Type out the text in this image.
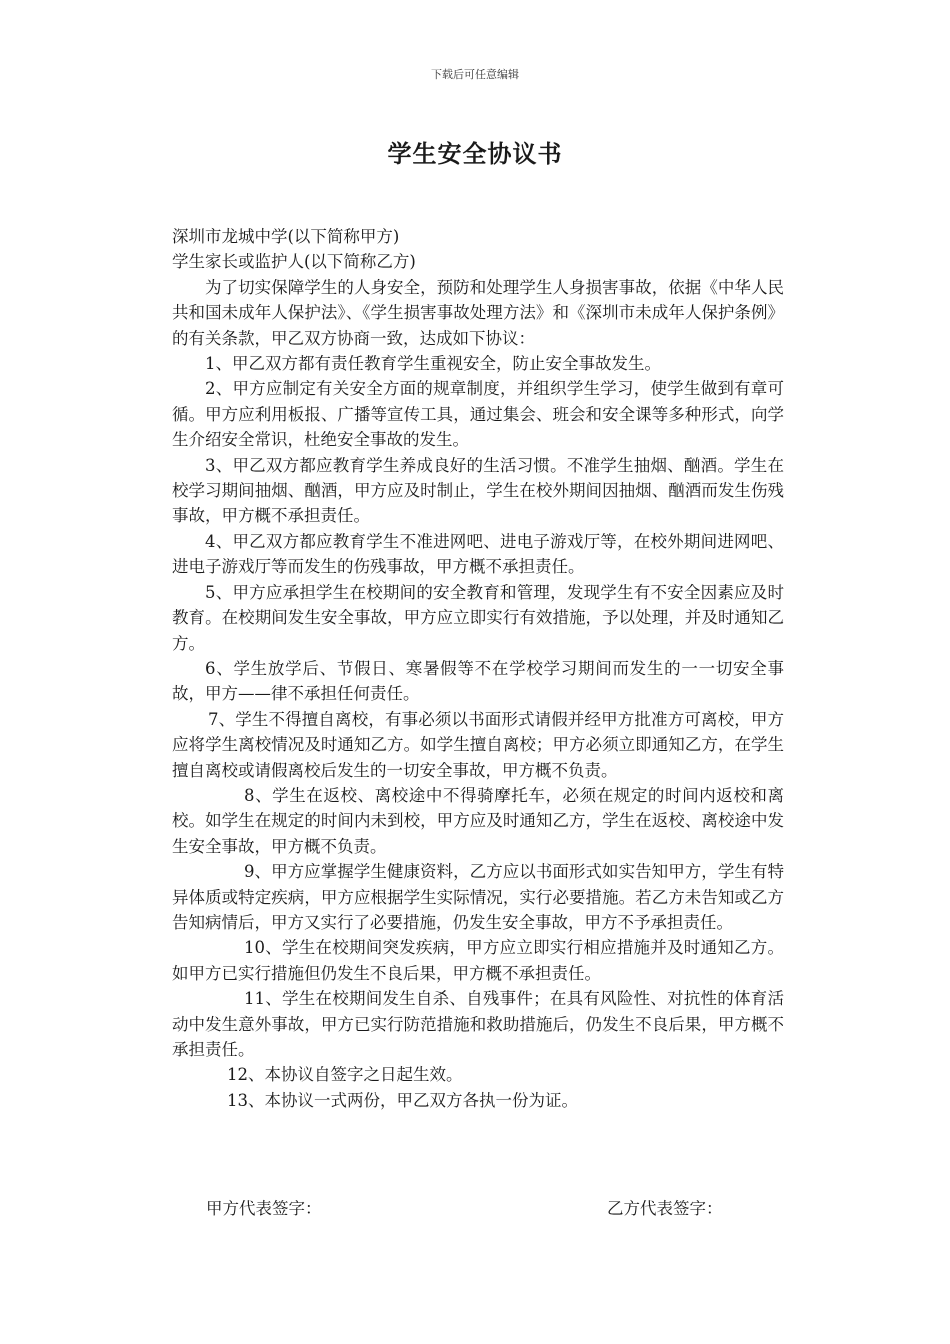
下载后可任意编辑
学生安全协议书

深圳市龙城中学(以下简称甲方)

学生家长或监护人(以下简称乙方)

为了切实保障学生的人身安全，预防和处理学生人身损害事故，依据《中华人民共和国未成年人保护法》、《学生损害事故处理方法》和《深圳市未成年人保护条例》的有关条款，甲乙双方协商一致，达成如下协议：

1、甲乙双方都有责任教育学生重视安全，防止安全事故发生。

2、甲方应制定有关安全方面的规章制度，并组织学生学习，使学生做到有章可循。甲方应利用板报、广播等宣传工具，通过集会、班会和安全课等多种形式，向学生介绍安全常识，杜绝安全事故的发生。

3、甲乙双方都应教育学生养成良好的生活习惯。不准学生抽烟、酗酒。学生在校学习期间抽烟、酗酒，甲方应及时制止，学生在校外期间因抽烟、酗酒而发生伤残事故，甲方概不承担责任。

4、甲乙双方都应教育学生不准进网吧、进电子游戏厅等，在校外期间进网吧、进电子游戏厅等而发生的伤残事故，甲方概不承担责任。

5、甲方应承担学生在校期间的安全教育和管理，发现学生有不安全因素应及时教育。在校期间发生安全事故，甲方应立即实行有效措施，予以处理，并及时通知乙方。

6、学生放学后、节假日、寒暑假等不在学校学习期间而发生的一一切安全事故，甲方——律不承担任何责任。

7、学生不得擅自离校，有事必须以书面形式请假并经甲方批准方可离校，甲方应将学生离校情况及时通知乙方。如学生擅自离校；甲方必须立即通知乙方，在学生擅自离校或请假离校后发生的一切安全事故，甲方概不负责。

8、学生在返校、离校途中不得骑摩托车，必须在规定的时间内返校和离校。如学生在规定的时间内未到校，甲方应及时通知乙方，学生在返校、离校途中发生安全事故，甲方概不负责。

9、甲方应掌握学生健康资料，乙方应以书面形式如实告知甲方，学生有特异体质或特定疾病，甲方应根据学生实际情况，实行必要措施。若乙方未告知或乙方告知病情后，甲方又实行了必要措施，仍发生安全事故，甲方不予承担责任。

10、学生在校期间突发疾病，甲方应立即实行相应措施并及时通知乙方。如甲方已实行措施但仍发生不良后果，甲方概不承担责任。

11、学生在校期间发生自杀、自残事件；在具有风险性、对抗性的体育活动中发生意外事故，甲方已实行防范措施和救助措施后，仍发生不良后果，甲方概不承担责任。

12、本协议自签字之日起生效。

13、本协议一式两份，甲乙双方各执一份为证。

甲方代表签字：	乙方代表签字：
